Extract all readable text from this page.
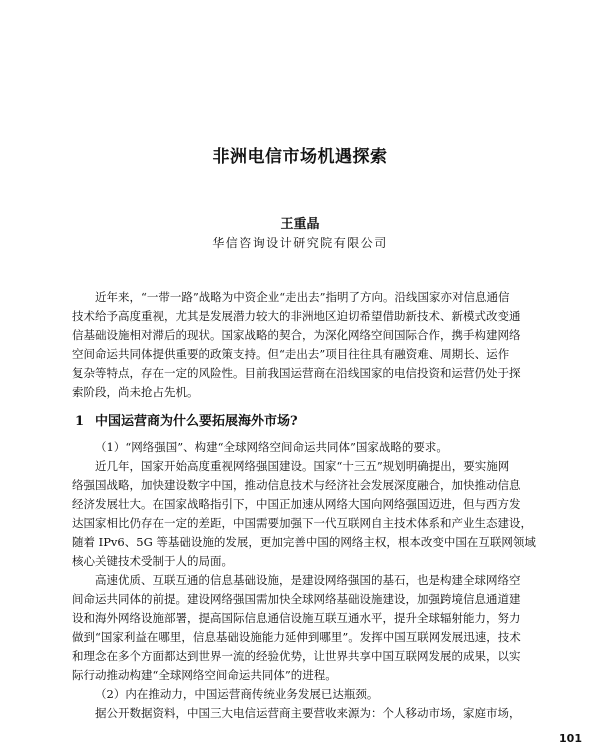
非洲电信市场机遇探索
王重晶
华信咨询设计研究院有限公司

近年来，“一带一路”战略为中资企业“走出去”指明了方向。沿线国家亦对信息通信
技术给予高度重视，尤其是发展潜力较大的非洲地区迫切希望借助新技术、新模式改变通
信基础设施相对滞后的现状。国家战略的契合，为深化网络空间国际合作，携手构建网络
空间命运共同体提供重要的政策支持。但“走出去”项目往往具有融资难、周期长、运作
复杂等特点，存在一定的风险性。目前我国运营商在沿线国家的电信投资和运营仍处于探
索阶段，尚未抢占先机。

1 中国运营商为什么要拓展海外市场?

（1）“网络强国”、构建“全球网络空间命运共同体”国家战略的要求。

近几年，国家开始高度重视网络强国建设。国家“十三五”规划明确提出，要实施网
络强国战略，加快建设数字中国，推动信息技术与经济社会发展深度融合，加快推动信息
经济发展壮大。在国家战略指引下，中国正加速从网络大国向网络强国迈进，但与西方发
达国家相比仍存在一定的差距，中国需要加强下一代互联网自主技术体系和产业生态建设，
随着 IPv6、5G 等基础设施的发展，更加完善中国的网络主权，根本改变中国在互联网领域
核心关键技术受制于人的局面。

高速优质、互联互通的信息基础设施，是建设网络强国的基石，也是构建全球网络空
间命运共同体的前提。建设网络强国需加快全球网络基础设施建设，加强跨境信息通道建
设和海外网络设施部署，提高国际信息通信设施互联互通水平，提升全球辐射能力，努力
做到“国家利益在哪里，信息基础设施能力延伸到哪里”。发挥中国互联网发展迅速，技术
和理念在多个方面都达到世界一流的经验优势，让世界共享中国互联网发展的成果，以实
际行动推动构建“全球网络空间命运共同体”的进程。

（2）内在推动力，中国运营商传统业务发展已达瓶颈。

据公开数据资料，中国三大电信运营商主要营收来源为：个人移动市场，家庭市场，

101
